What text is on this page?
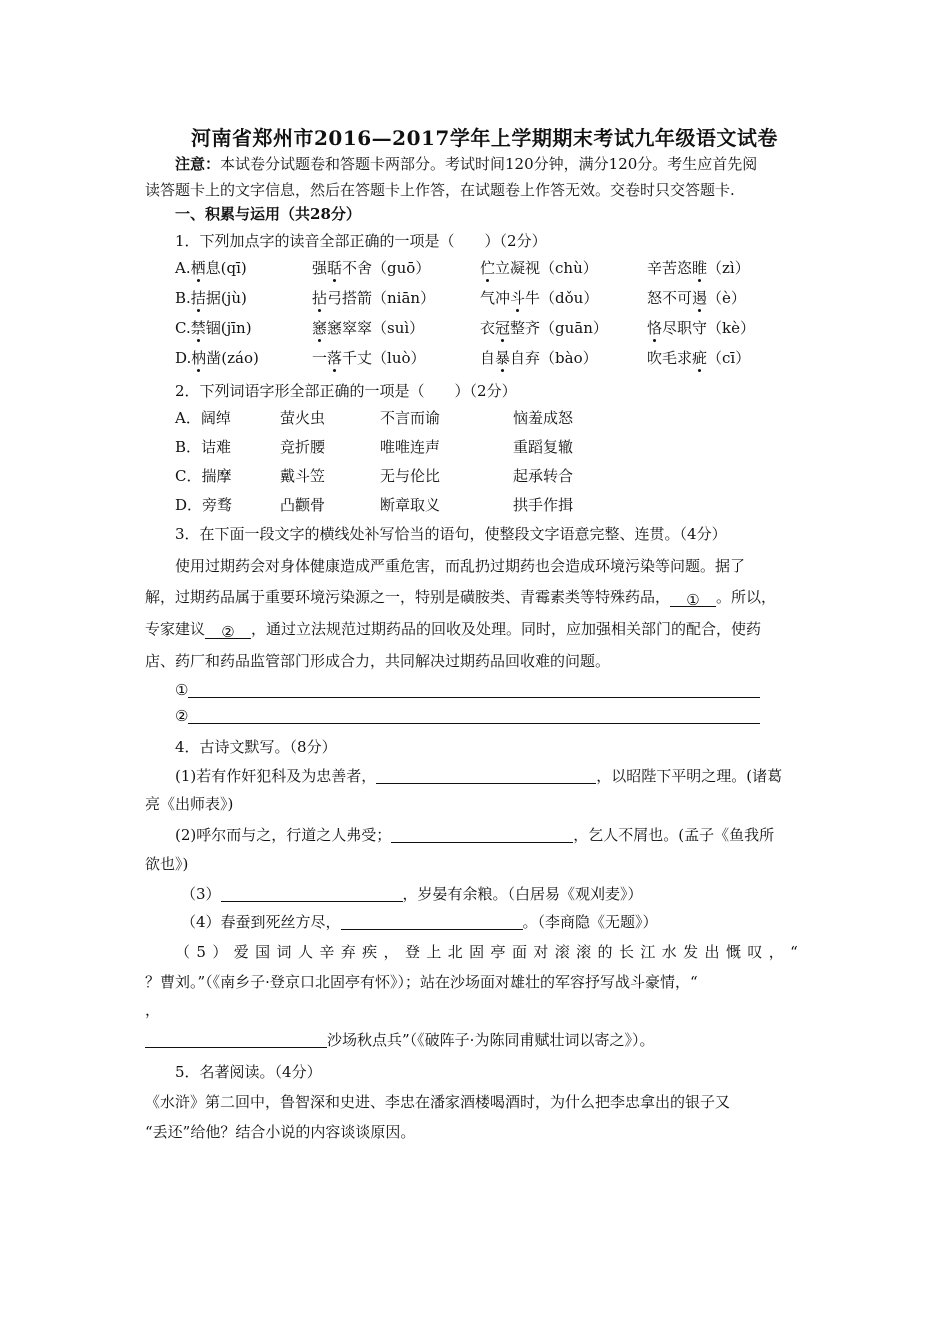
河南省郑州市2016—2017学年上学期期末考试九年级语文试卷
注意：本试卷分试题卷和答题卡两部分。考试时间120分钟，满分120分。考生应首先阅
读答题卡上的文字信息，然后在答题卡上作答，在试题卷上作答无效。交卷时只交答题卡.
一、积累与运用（共28分）
1．下列加点字的读音全部正确的一项是（　　）（2分）
A.栖息(qī)	强聒不舍（guō）	伫立凝视（chù）	辛苦恣睢（zì）
B.拮据(jù)	拈弓搭箭（niān）	气冲斗牛（dǒu）	怒不可遏（è）
C.禁锢(jīn)	窸窸窣窣（suì）	衣冠整齐（guān）	恪尽职守（kè）
D.枘凿(záo)	一落千丈（luò）	自暴自弃（bào）	吹毛求疵（cī）
2．下列词语字形全部正确的一项是（　　）（2分）
A．阔绰	萤火虫	不言而谕	恼羞成怒
B．诘难	竞折腰	唯唯连声	重蹈复辙
C．揣摩	戴斗笠	无与伦比	起承转合
D．旁骛	凸颧骨	断章取义	拱手作揖
3．在下面一段文字的横线处补写恰当的语句，使整段文字语意完整、连贯。（4分）
使用过期药会对身体健康造成严重危害，而乱扔过期药也会造成环境污染等问题。据了
解，过期药品属于重要环境污染源之一，特别是磺胺类、青霉素类等特殊药品， ① 。所以，
专家建议 ② ，通过立法规范过期药品的回收及处理。同时，应加强相关部门的配合，使药
店、药厂和药品监管部门形成合力，共同解决过期药品回收难的问题。
①
②
4．古诗文默写。（8分）
(1)若有作奸犯科及为忠善者，	，以昭陛下平明之理。(诸葛
亮《出师表》)
(2)呼尔而与之，行道之人弗受；	，乞人不屑也。(孟子《鱼我所
欲也》)
（3）	，岁晏有余粮。（白居易《观刈麦》）
（4）春蚕到死丝方尽，	。（李商隐《无题》）
（5）爱国词人辛弃疾，登上北固亭面对滚滚的长江水发出慨叹，“
？曹刘。”（《南乡子·登京口北固亭有怀》）；站在沙场面对雄壮的军容抒写战斗豪情，“
，
沙场秋点兵”（《破阵子·为陈同甫赋壮词以寄之》）。
5．名著阅读。（4分）
《水浒》第二回中，鲁智深和史进、李忠在潘家酒楼喝酒时，为什么把李忠拿出的银子又
“丢还”给他？结合小说的内容谈谈原因。
